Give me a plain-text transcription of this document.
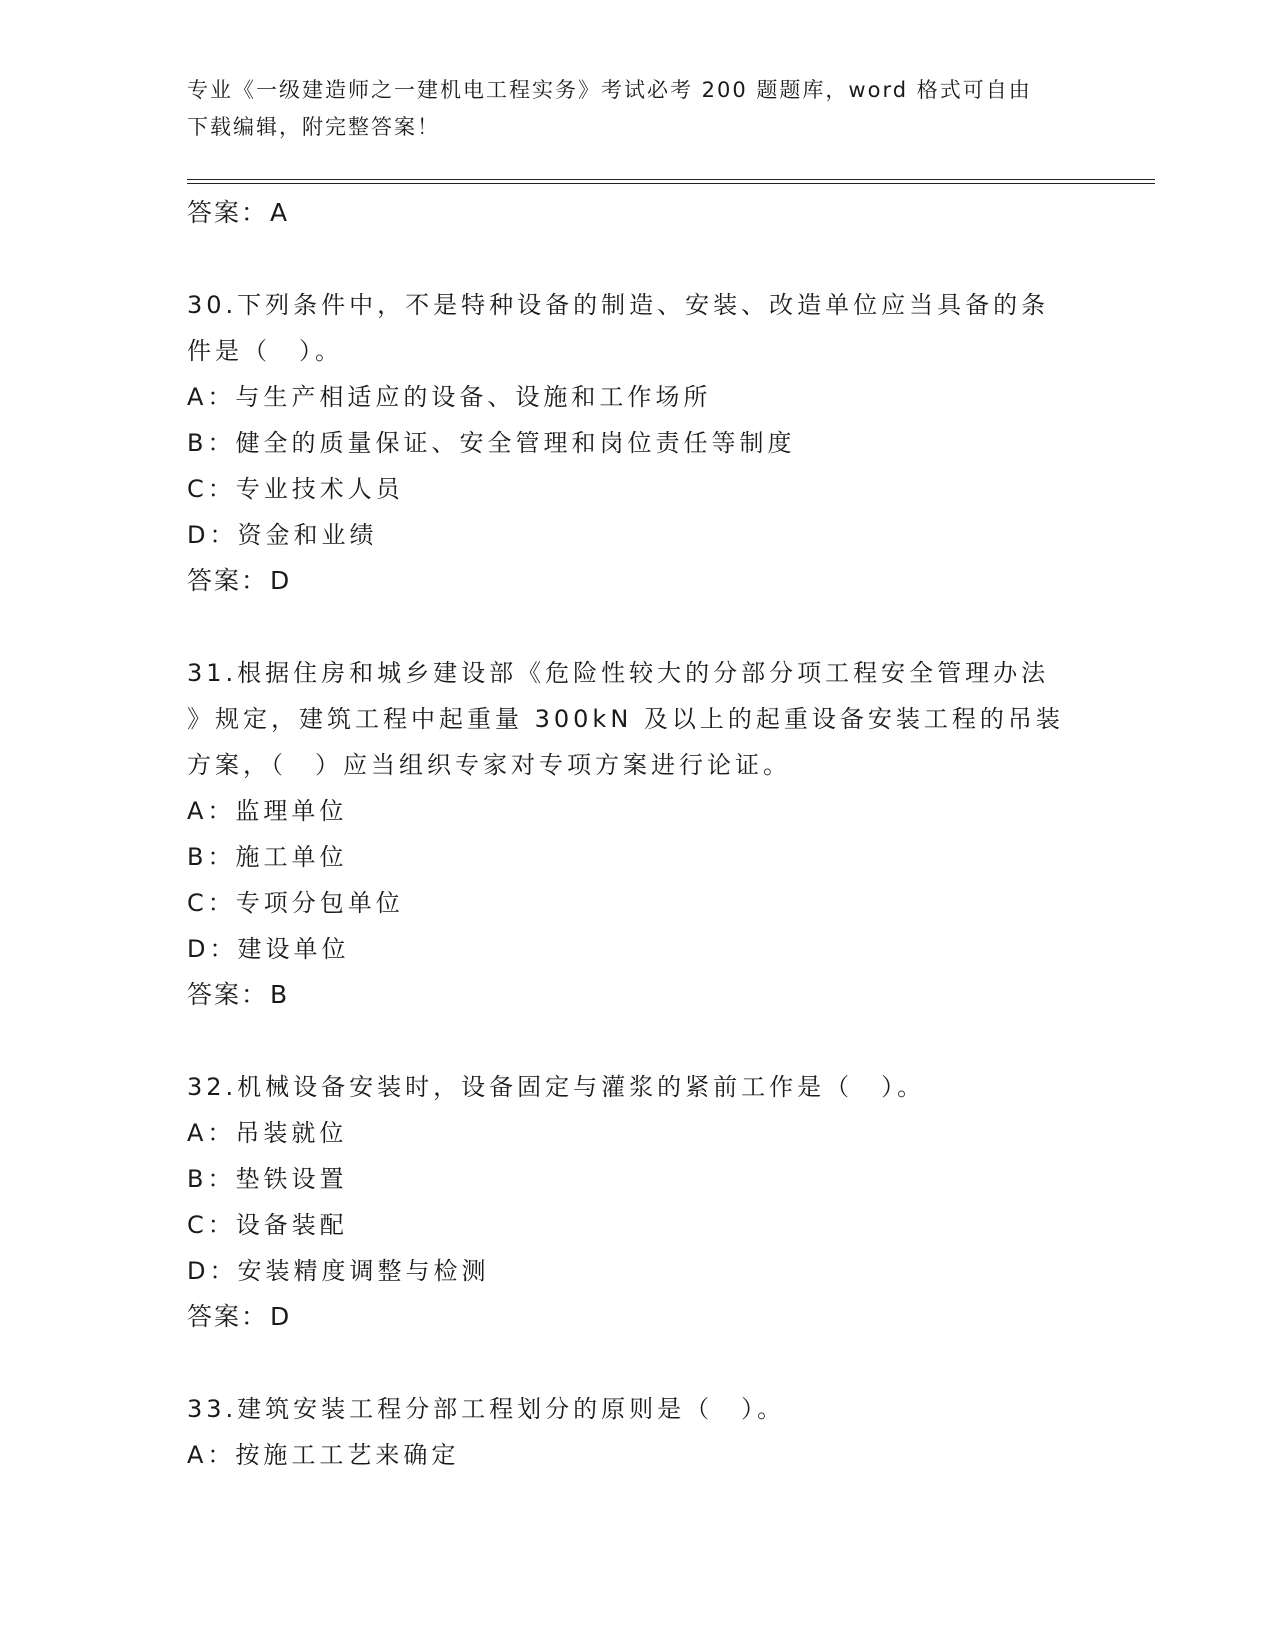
专业《一级建造师之一建机电工程实务》考试必考 200 题题库，word 格式可自由
下载编辑，附完整答案！
答案：A
30.下列条件中，不是特种设备的制造、安装、改造单位应当具备的条
件是（　）。
A：与生产相适应的设备、设施和工作场所
B：健全的质量保证、安全管理和岗位责任等制度
C：专业技术人员
D：资金和业绩
答案：D
31.根据住房和城乡建设部《危险性较大的分部分项工程安全管理办法
》规定，建筑工程中起重量 300kN 及以上的起重设备安装工程的吊装
方案，（　）应当组织专家对专项方案进行论证。
A：监理单位
B：施工单位
C：专项分包单位
D：建设单位
答案：B
32.机械设备安装时，设备固定与灌浆的紧前工作是（　）。
A：吊装就位
B：垫铁设置
C：设备装配
D：安装精度调整与检测
答案：D
33.建筑安装工程分部工程划分的原则是（　）。
A：按施工工艺来确定
